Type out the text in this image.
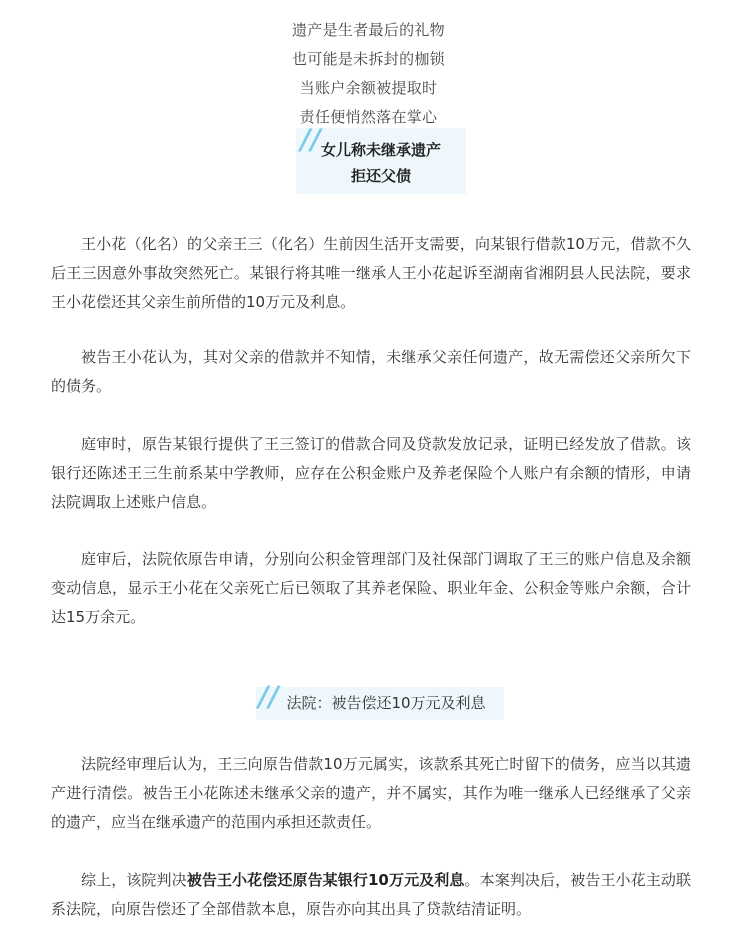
遗产是生者最后的礼物
也可能是未拆封的枷锁
当账户余额被提取时
责任便悄然落在掌心
// 女儿称未继承遗产
拒还父债
王小花（化名）的父亲王三（化名）生前因生活开支需要，向某银行借款10万元，借款不久后王三因意外事故突然死亡。某银行将其唯一继承人王小花起诉至湖南省湘阴县人民法院，要求王小花偿还其父亲生前所借的10万元及利息。
被告王小花认为，其对父亲的借款并不知情，未继承父亲任何遗产，故无需偿还父亲所欠下的债务。
庭审时，原告某银行提供了王三签订的借款合同及贷款发放记录，证明已经发放了借款。该银行还陈述王三生前系某中学教师，应存在公积金账户及养老保险个人账户有余额的情形，申请法院调取上述账户信息。
庭审后，法院依原告申请，分别向公积金管理部门及社保部门调取了王三的账户信息及余额变动信息，显示王小花在父亲死亡后已领取了其养老保险、职业年金、公积金等账户余额，合计达15万余元。
// 法院：被告偿还10万元及利息
法院经审理后认为，王三向原告借款10万元属实，该款系其死亡时留下的债务，应当以其遗产进行清偿。被告王小花陈述未继承父亲的遗产，并不属实，其作为唯一继承人已经继承了父亲的遗产，应当在继承遗产的范围内承担还款责任。
综上，该院判决被告王小花偿还原告某银行10万元及利息。本案判决后，被告王小花主动联系法院，向原告偿还了全部借款本息，原告亦向其出具了贷款结清证明。
